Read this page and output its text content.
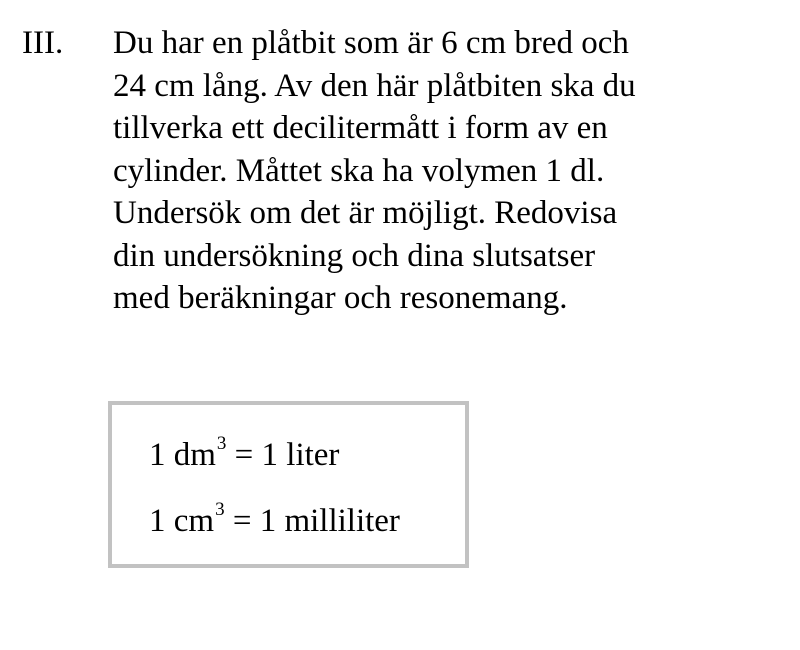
III. Du har en plåtbit som är 6 cm bred och
24 cm lång. Av den här plåtbiten ska du
tillverka ett decilitermått i form av en
cylinder. Måttet ska ha volymen 1 dl.
Undersök om det är möjligt. Redovisa
din undersökning och dina slutsatser
med beräkningar och resonemang.
1 $dm^3 = 1$ liter
1 $cm^3 = 1$ milliliter
